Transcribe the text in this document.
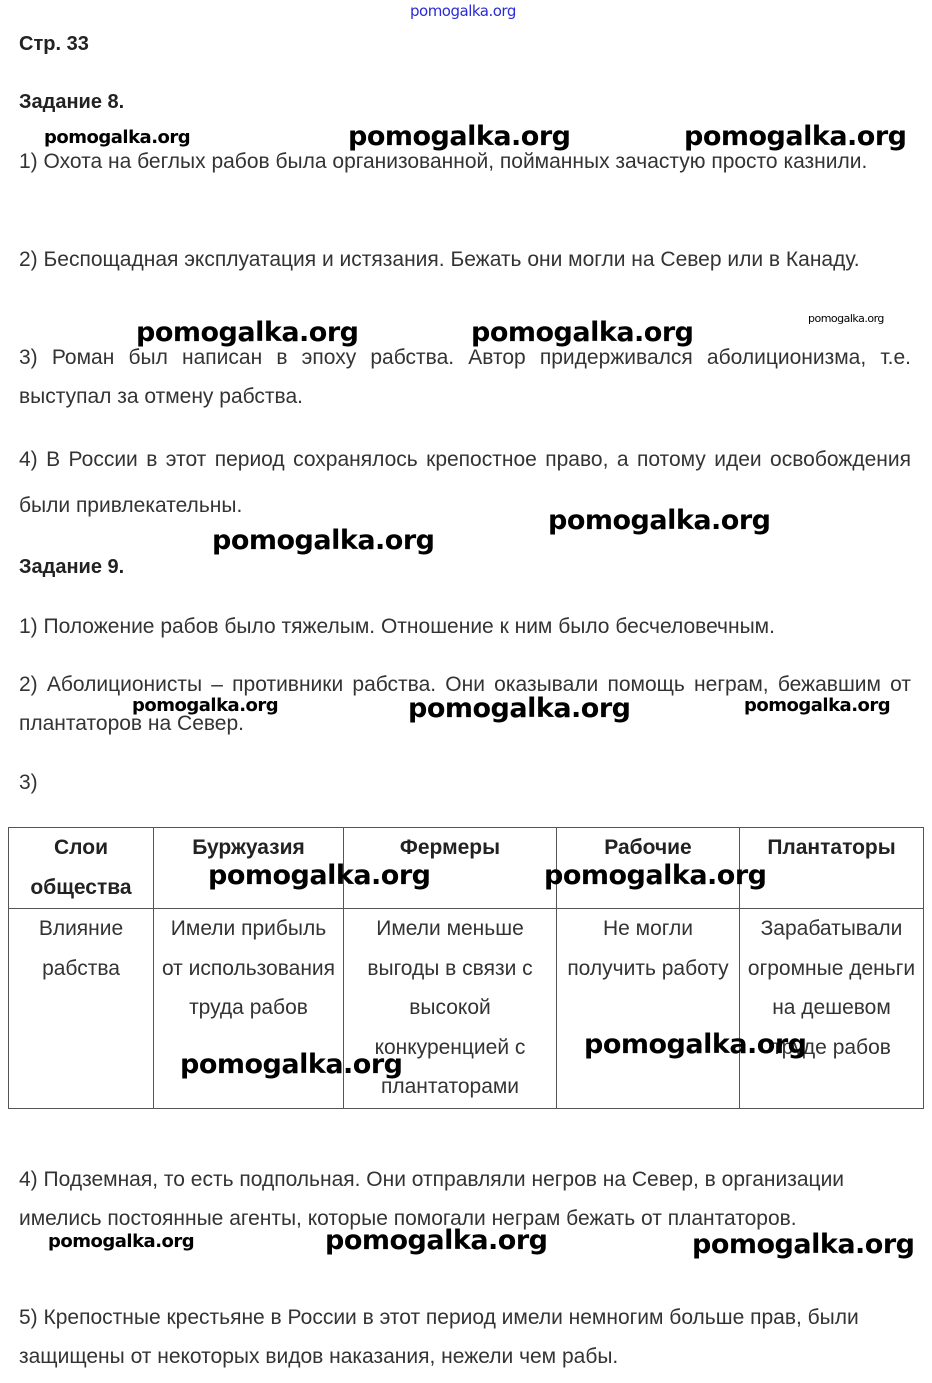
pomogalka.org
Стр. 33
Задание 8.
1) Охота на беглых рабов была организованной, пойманных зачастую просто казнили.
2) Беспощадная эксплуатация и истязания. Бежать они могли на Север или в Канаду.
3) Роман был написан в эпоху рабства. Автор придерживался аболиционизма, т.е. выступал за отмену рабства.
4) В России в этот период сохранялось крепостное право, а потому идеи освобождения были привлекательны.
Задание 9.
1) Положение рабов было тяжелым. Отношение к ним было бесчеловечным.
2) Аболиционисты – противники рабства. Они оказывали помощь неграм, бежавшим от плантаторов на Север.
3)
Слои общества	Буржуазия	Фермеры	Рабочие	Плантаторы
Влияние рабства	Имели прибыль от использования труда рабов	Имели меньше выгоды в связи с высокой конкуренцией с плантаторами	Не могли получить работу	Зарабатывали огромные деньги на дешевом труде рабов
4) Подземная, то есть подпольная. Они отправляли негров на Север, в организации имелись постоянные агенты, которые помогали неграм бежать от плантаторов.
5) Крепостные крестьяне в России в этот период имели немногим больше прав, были защищены от некоторых видов наказания, нежели чем рабы.
pomogalka.org	pomogalka.org	pomogalka.org
pomogalka.org	pomogalka.org	pomogalka.org
pomogalka.org
pomogalka.org
pomogalka.org	pomogalka.org	pomogalka.org
pomogalka.org	pomogalka.org
pomogalka.org
pomogalka.org
pomogalka.org	pomogalka.org	pomogalka.org
